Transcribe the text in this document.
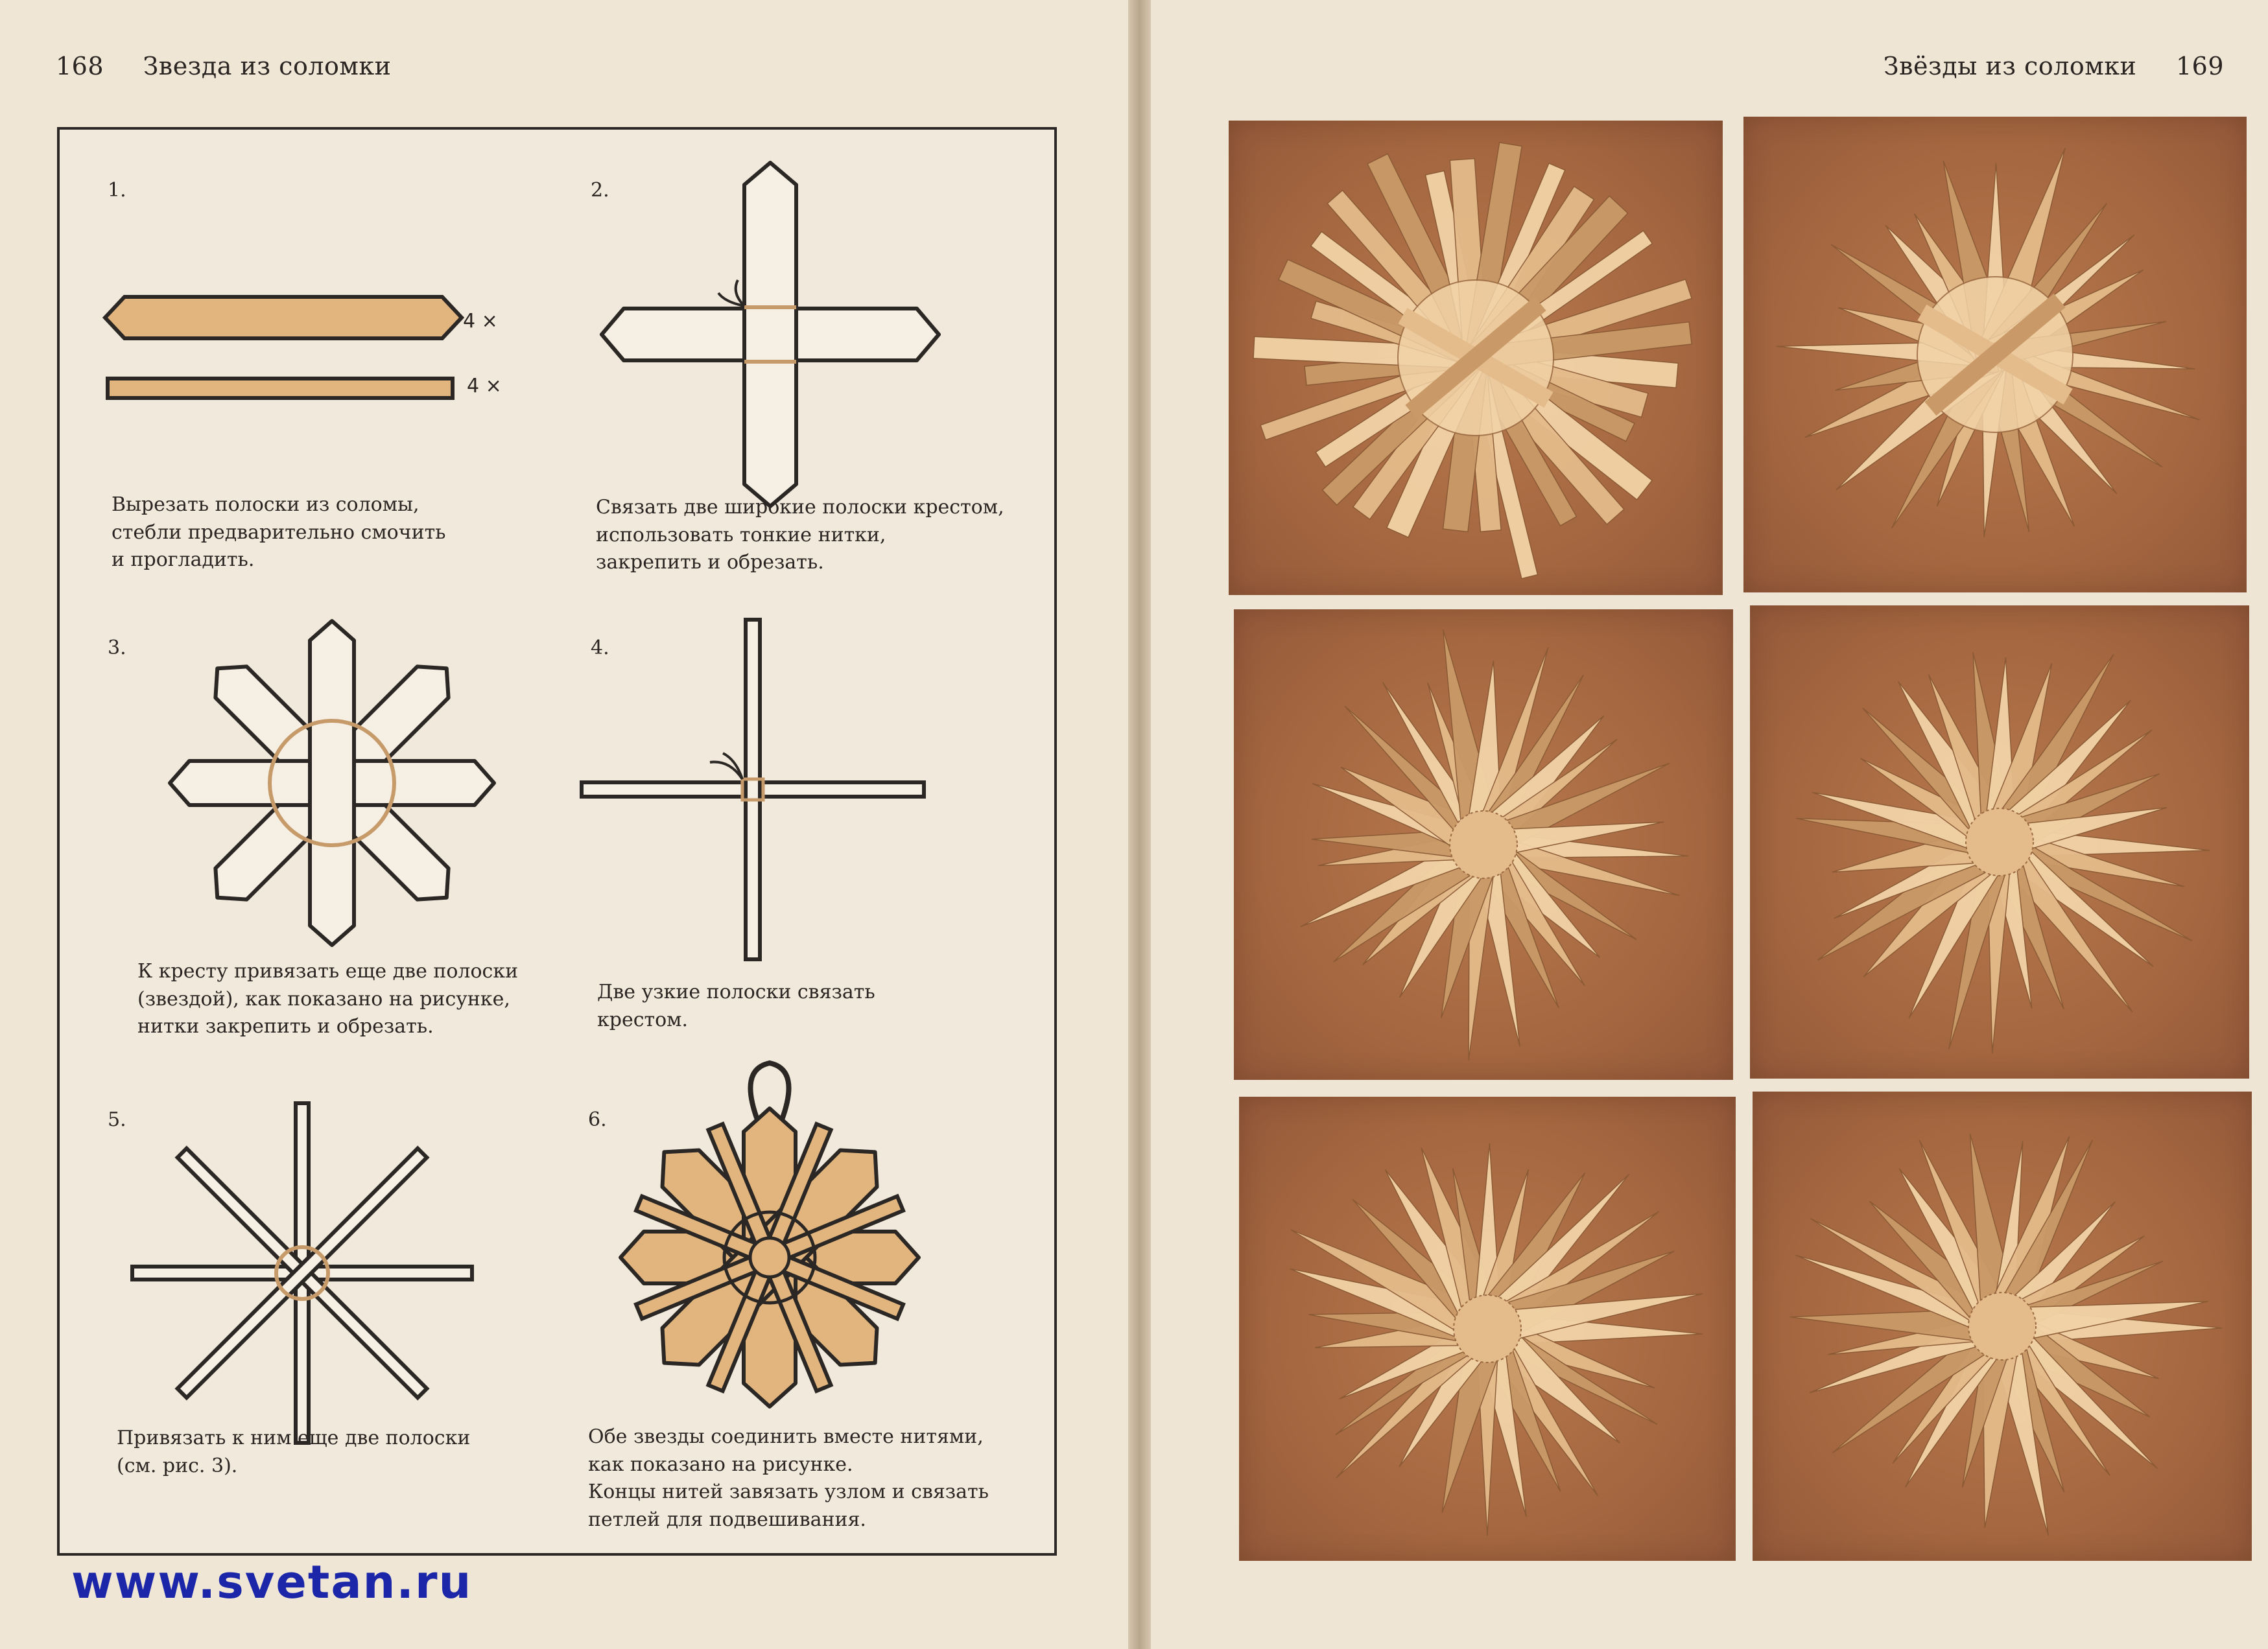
168 Звезда из соломки
1.
4 ×
4 ×
Вырезать полоски из соломы,
стебли предварительно смочить
и прогладить.
2.
Связать две широкие полоски крестом,
использовать тонкие нитки,
закрепить и обрезать.
3.
К кресту привязать еще две полоски
(звездой), как показано на рисунке,
нитки закрепить и обрезать.
4.
Две узкие полоски связать
крестом.
5.
Привязать к ним еще две полоски
(см. рис. 3).
6.
Обе звезды соединить вместе нитями,
как показано на рисунке.
Концы нитей завязать узлом и связать
петлей для подвешивания.
www.svetan.ru
Звёзды из соломки 169
